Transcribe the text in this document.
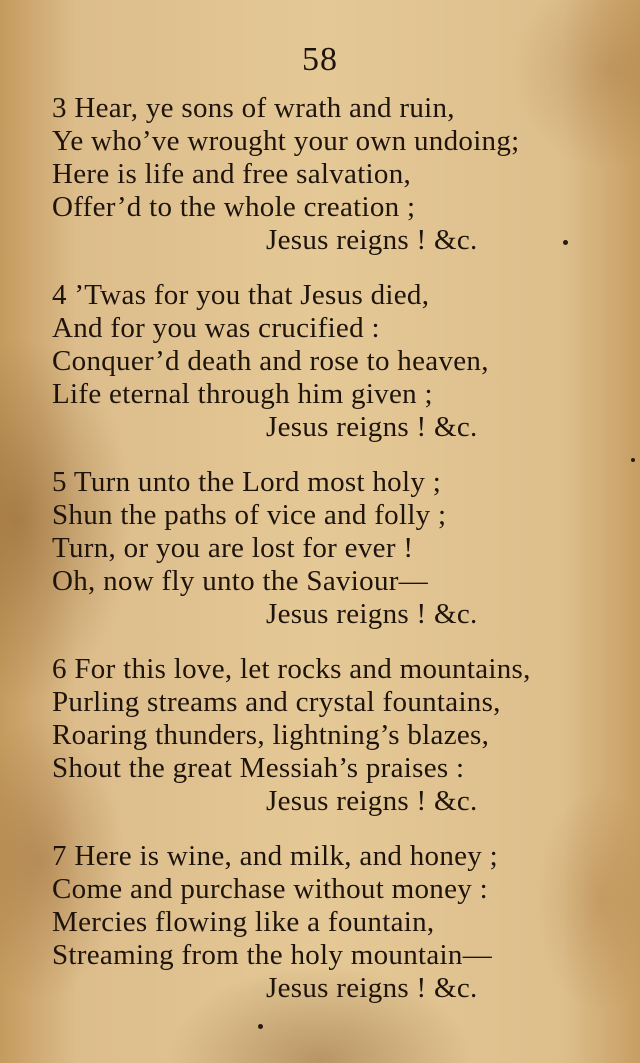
58
3 Hear, ye sons of wrath and ruin,
Ye who’ve wrought your own undoing;
Here is life and free salvation,
Offer’d to the whole creation ;
Jesus reigns ! &c.
4 ’Twas for you that Jesus died,
And for you was crucified :
Conquer’d death and rose to heaven,
Life eternal through him given ;
Jesus reigns ! &c.
5 Turn unto the Lord most holy ;
Shun the paths of vice and folly ;
Turn, or you are lost for ever !
Oh, now fly unto the Saviour—
Jesus reigns ! &c.
6 For this love, let rocks and mountains,
Purling streams and crystal fountains,
Roaring thunders, lightning’s blazes,
Shout the great Messiah’s praises :
Jesus reigns ! &c.
7 Here is wine, and milk, and honey ;
Come and purchase without money :
Mercies flowing like a fountain,
Streaming from the holy mountain—
Jesus reigns ! &c.
